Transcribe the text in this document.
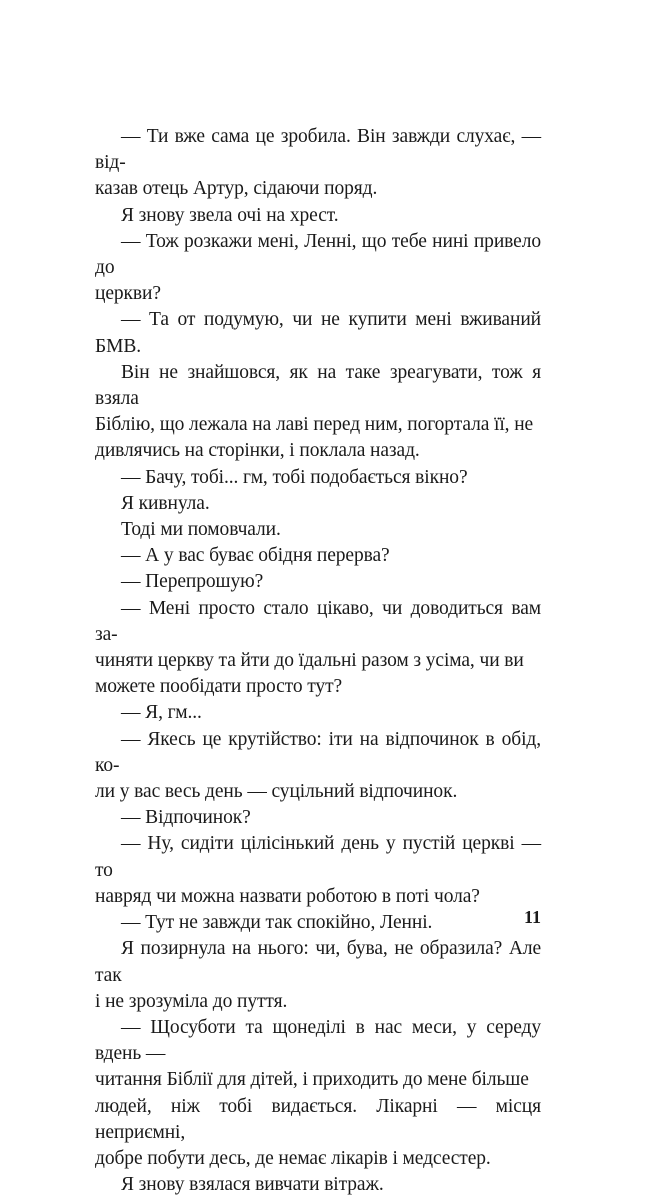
— Ти вже сама це зробила. Він завжди слухає, — від-
казав отець Артур, сідаючи поряд.

Я знову звела очі на хрест.

— Тож розкажи мені, Ленні, що тебе нині привело до
церкви?

— Та от подумую, чи не купити мені вживаний БМВ.

Він не знайшовся, як на таке зреагувати, тож я взяла
Біблію, що лежала на лаві перед ним, погортала її, не
дивлячись на сторінки, і поклала назад.

— Бачу, тобі... гм, тобі подобається вікно?

Я кивнула.

Тоді ми помовчали.

— А у вас буває обідня перерва?

— Перепрошую?

— Мені просто стало цікаво, чи доводиться вам за-
чиняти церкву та йти до їдальні разом з усіма, чи ви
можете пообідати просто тут?

— Я, гм...

— Якесь це крутійство: іти на відпочинок в обід, ко-
ли у вас весь день — суцільний відпочинок.

— Відпочинок?

— Ну, сидіти цілісінький день у пустій церкві — то
навряд чи можна назвати роботою в поті чола?

— Тут не завжди так спокійно, Ленні.

Я позирнула на нього: чи, бува, не образила? Але так
і не зрозуміла до пуття.

— Щосуботи та щонеділі в нас меси, у середу вдень —
читання Біблії для дітей, і приходить до мене більше
людей, ніж тобі видається. Лікарні — місця неприємні,
добре побути десь, де немає лікарів і медсестер.

Я знову взялася вивчати вітраж.

11
